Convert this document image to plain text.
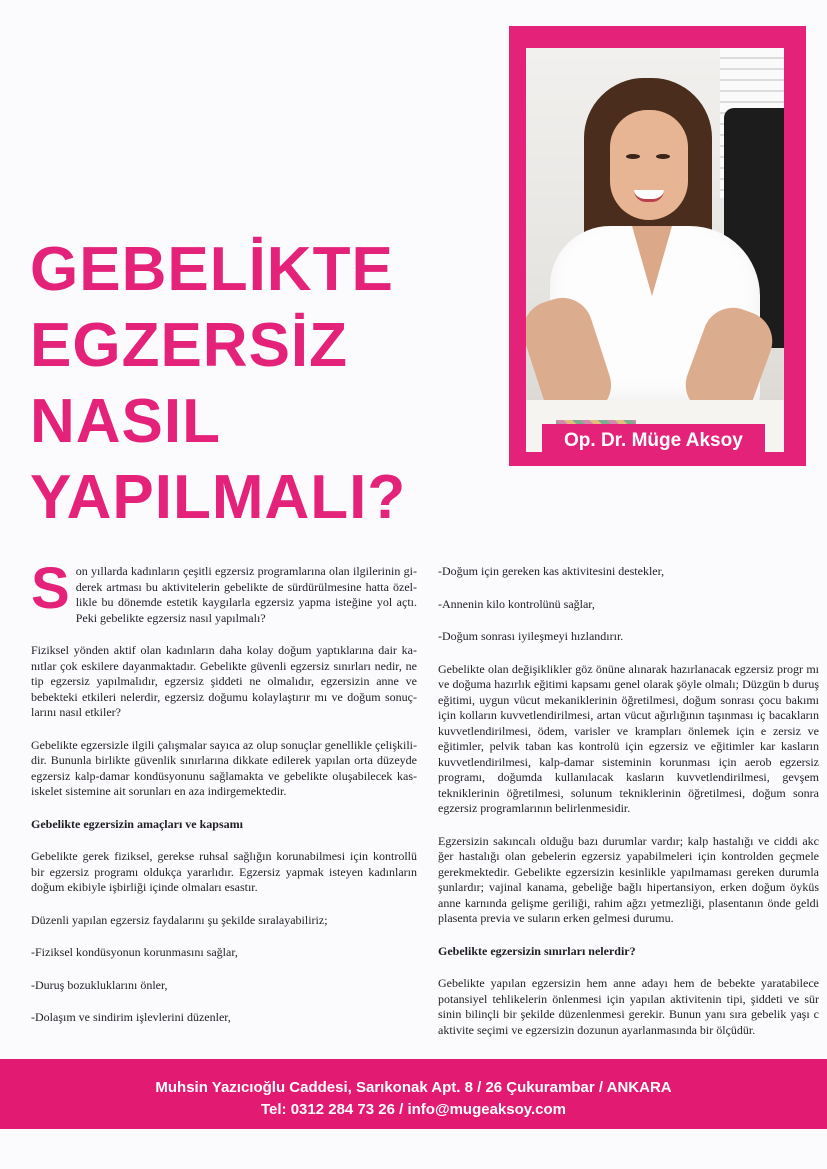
Op. Dr. Müge Aksoy
GEBELİKTE
EGZERSİZ
NASIL
YAPILMALI?

Son yıllarda kadınların çeşitli egzersiz programlarına olan ilgilerinin gi-derek artması bu aktivitelerin gebelikte de sürdürülmesine hatta özel-likle bu dönemde estetik kaygılarla egzersiz yapma isteğine yol açtı. Peki gebelikte egzersiz nasıl yapılmalı?

Fiziksel yönden aktif olan kadınların daha kolay doğum yaptıklarına dair ka-nıtlar çok eskilere dayanmaktadır. Gebelikte güvenli egzersiz sınırları nedir, ne tip egzersiz yapılmalıdır, egzersiz şiddeti ne olmalıdır, egzersizin anne ve bebekteki etkileri nelerdir, egzersiz doğumu kolaylaştırır mı ve doğum sonuç-larını nasıl etkiler?

Gebelikte egzersizle ilgili çalışmalar sayıca az olup sonuçlar genellikle çelişkili-dir. Bununla birlikte güvenlik sınırlarına dikkate edilerek yapılan orta düzeyde egzersiz kalp-damar kondüsyonunu sağlamakta ve gebelikte oluşabilecek kas-iskelet sistemine ait sorunları en aza indirgemektedir.

Gebelikte egzersizin amaçları ve kapsamı

Gebelikte gerek fiziksel, gerekse ruhsal sağlığın korunabilmesi için kontrollü bir egzersiz programı oldukça yararlıdır. Egzersiz yapmak isteyen kadınların doğum ekibiyle işbirliği içinde olmaları esastır.

Düzenli yapılan egzersiz faydalarını şu şekilde sıralayabiliriz;

-Fiziksel kondüsyonun korunmasını sağlar,

-Duruş bozukluklarını önler,

-Dolaşım ve sindirim işlevlerini düzenler,

-Doğum için gereken kas aktivitesini destekler,

-Annenin kilo kontrolünü sağlar,

-Doğum sonrası iyileşmeyi hızlandırır.

Gebelikte olan değişiklikler göz önüne alınarak hazırlanacak egzersiz progr mı ve doğuma hazırlık eğitimi kapsamı genel olarak şöyle olmalı; Düzgün b duruş eğitimi, uygun vücut mekaniklerinin öğretilmesi, doğum sonrası çocu bakımı için kolların kuvvetlendirilmesi, artan vücut ağırlığının taşınması iç bacakların kuvvetlendirilmesi, ödem, varisler ve krampları önlemek için e zersiz ve eğitimler, pelvik taban kas kontrolü için egzersiz ve eğitimler kar kasların kuvvetlendirilmesi, kalp-damar sisteminin korunması için aerob egzersiz programı, doğumda kullanılacak kasların kuvvetlendirilmesi, gevşem tekniklerinin öğretilmesi, solunum tekniklerinin öğretilmesi, doğum sonra egzersiz programlarının belirlenmesidir.

Egzersizin sakıncalı olduğu bazı durumlar vardır; kalp hastalığı ve ciddi akc ğer hastalığı olan gebelerin egzersiz yapabilmeleri için kontrolden geçmele gerekmektedir. Gebelikte egzersizin kesinlikle yapılmaması gereken durumla şunlardır; vajinal kanama, gebeliğe bağlı hipertansiyon, erken doğum öyküs anne karnında gelişme geriliği, rahim ağzı yetmezliği, plasentanın önde geldi plasenta previa ve suların erken gelmesi durumu.

Gebelikte egzersizin sınırları nelerdir?

Gebelikte yapılan egzersizin hem anne adayı hem de bebekte yaratabilece potansiyel tehlikelerin önlenmesi için yapılan aktivitenin tipi, şiddeti ve sür sinin bilinçli bir şekilde düzenlenmesi gerekir. Bunun yanı sıra gebelik yaşı c aktivite seçimi ve egzersizin dozunun ayarlanmasında bir ölçüdür.

Muhsin Yazıcıoğlu Caddesi, Sarıkonak Apt. 8 / 26 Çukurambar / ANKARA
Tel: 0312 284 73 26 / info@mugeaksoy.com
